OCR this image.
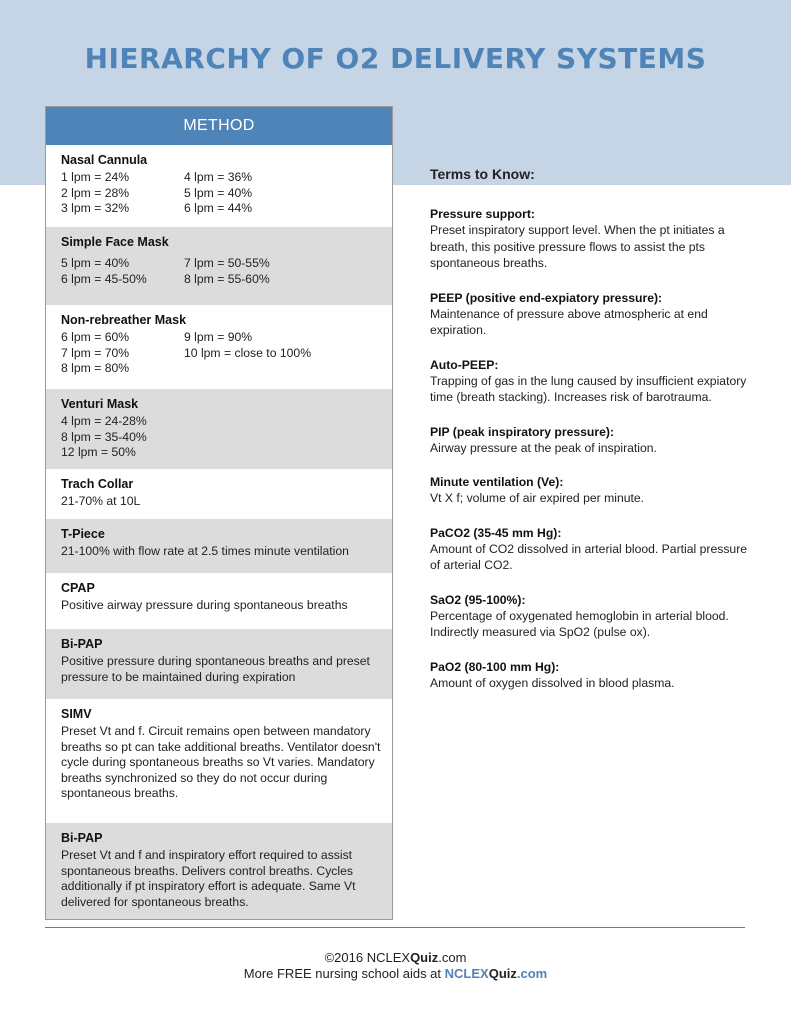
HIERARCHY OF O2 DELIVERY SYSTEMS
METHOD
Nasal Cannula
1 lpm = 24%	4 lpm = 36%
2 lpm = 28%	5 lpm = 40%
3 lpm = 32%	6 lpm = 44%
Simple Face Mask
5 lpm = 40%	7 lpm = 50-55%
6 lpm = 45-50%	8 lpm = 55-60%
Non-rebreather Mask
6 lpm = 60%	9 lpm = 90%
7 lpm = 70%	10 lpm = close to 100%
8 lpm = 80%
Venturi Mask
4 lpm = 24-28%
8 lpm = 35-40%
12 lpm = 50%
Trach Collar
21-70% at 10L
T-Piece
21-100% with flow rate at 2.5 times minute ventilation
CPAP
Positive airway pressure during spontaneous breaths
Bi-PAP
Positive pressure during spontaneous breaths and preset pressure to be maintained during expiration
SIMV
Preset Vt and f. Circuit remains open between mandatory breaths so pt can take additional breaths. Ventilator doesn't cycle during spontaneous breaths so Vt varies. Mandatory breaths synchronized so they do not occur during spontaneous breaths.
Bi-PAP
Preset Vt and f and inspiratory effort required to assist spontaneous breaths. Delivers control breaths. Cycles additionally if pt inspiratory effort is adequate. Same Vt delivered for spontaneous breaths.
Terms to Know:
Pressure support:
Preset inspiratory support level. When the pt initiates a breath, this positive pressure flows to assist the pts spontaneous breaths.
PEEP (positive end-expiatory pressure):
Maintenance of pressure above atmospheric at end expiration.
Auto-PEEP:
Trapping of gas in the lung caused by insufficient expiatory time (breath stacking). Increases risk of barotrauma.
PIP (peak inspiratory pressure):
Airway pressure at the peak of inspiration.
Minute ventilation (Ve):
Vt X f; volume of air expired per minute.
PaCO2 (35-45 mm Hg):
Amount of CO2 dissolved in arterial blood. Partial pressure of arterial CO2.
SaO2 (95-100%):
Percentage of oxygenated hemoglobin in arterial blood. Indirectly measured via SpO2 (pulse ox).
PaO2 (80-100 mm Hg):
Amount of oxygen dissolved in blood plasma.
©2016 NCLEXQuiz.com
More FREE nursing school aids at NCLEXQuiz.com
